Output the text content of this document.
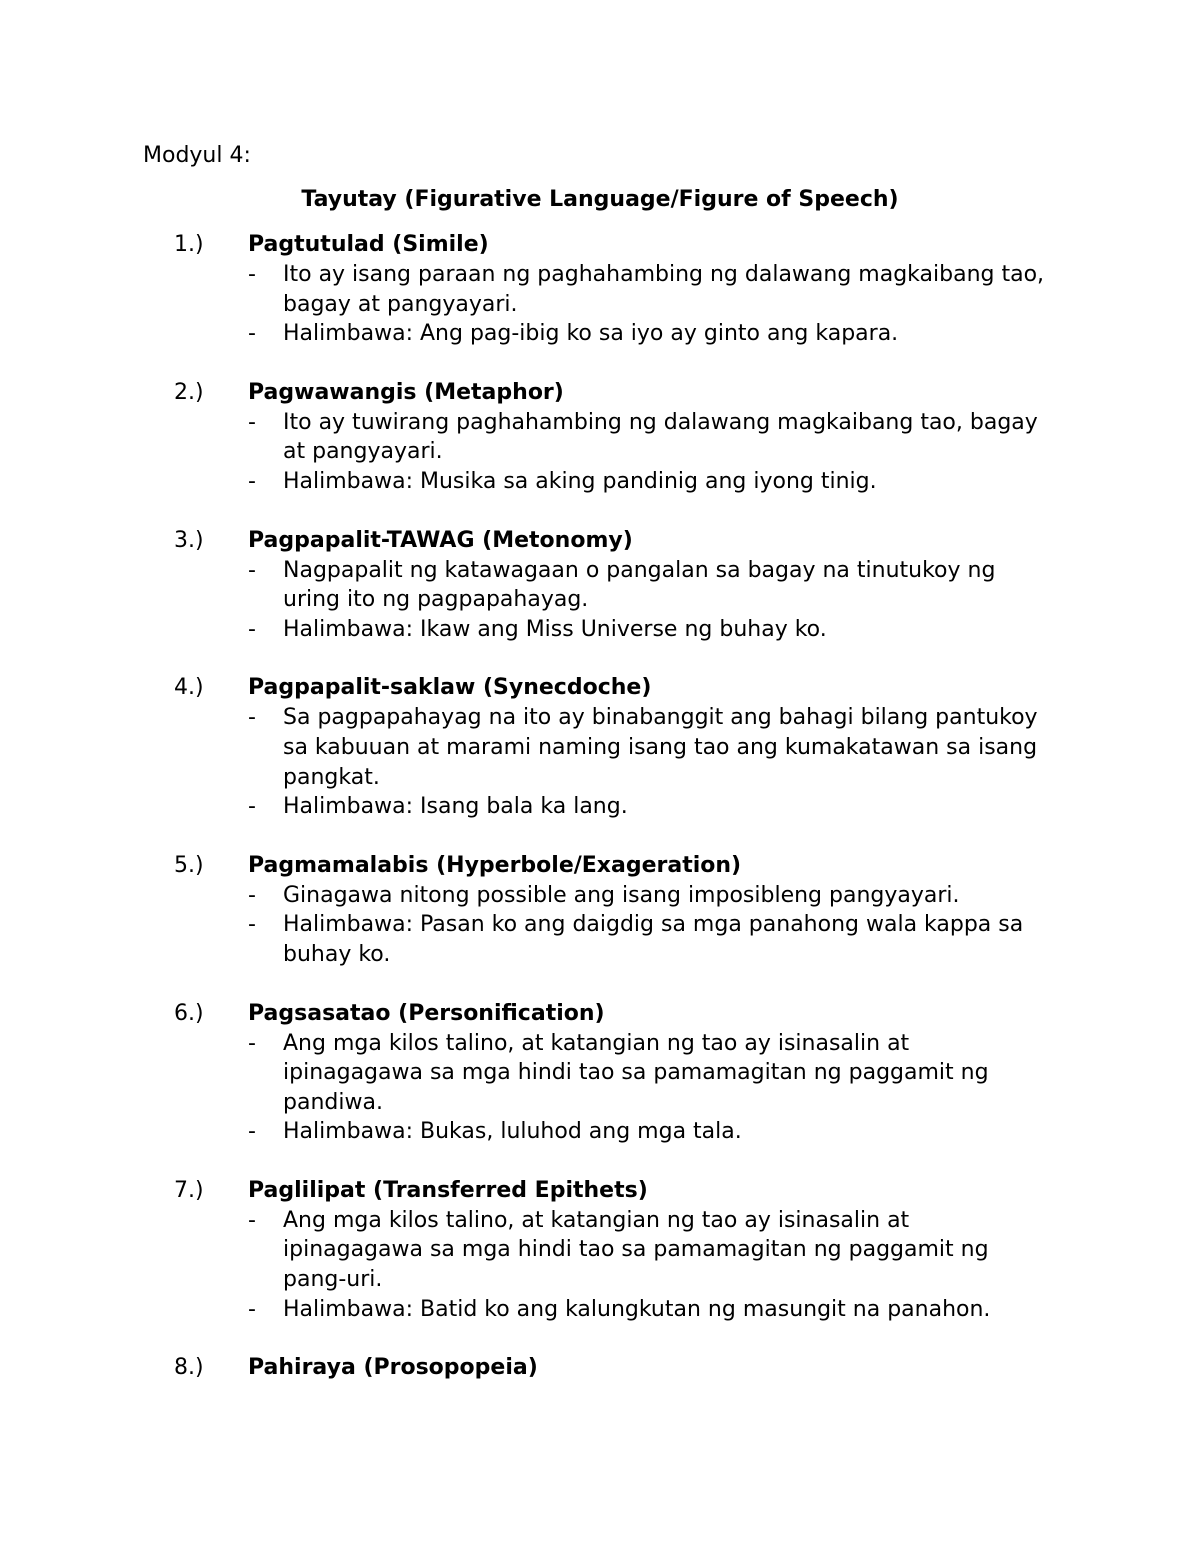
Modyul 4:
Tayutay (Figurative Language/Figure of Speech)
1.) Pagtutulad (Simile)
- Ito ay isang paraan ng paghahambing ng dalawang magkaibang tao, bagay at pangyayari.
- Halimbawa: Ang pag-ibig ko sa iyo ay ginto ang kapara.
2.) Pagwawangis (Metaphor)
- Ito ay tuwirang paghahambing ng dalawang magkaibang tao, bagay at pangyayari.
- Halimbawa: Musika sa aking pandinig ang iyong tinig.
3.) Pagpapalit-TAWAG (Metonomy)
- Nagpapalit ng katawagaan o pangalan sa bagay na tinutukoy ng uring ito ng pagpapahayag.
- Halimbawa: Ikaw ang Miss Universe ng buhay ko.
4.) Pagpapalit-saklaw (Synecdoche)
- Sa pagpapahayag na ito ay binabanggit ang bahagi bilang pantukoy sa kabuuan at marami naming isang tao ang kumakatawan sa isang pangkat.
- Halimbawa: Isang bala ka lang.
5.) Pagmamalabis (Hyperbole/Exageration)
- Ginagawa nitong possible ang isang imposibleng pangyayari.
- Halimbawa: Pasan ko ang daigdig sa mga panahong wala kappa sa buhay ko.
6.) Pagsasatao (Personification)
- Ang mga kilos talino, at katangian ng tao ay isinasalin at ipinagagawa sa mga hindi tao sa pamamagitan ng paggamit ng pandiwa.
- Halimbawa: Bukas, luluhod ang mga tala.
7.) Paglilipat (Transferred Epithets)
- Ang mga kilos talino, at katangian ng tao ay isinasalin at ipinagagawa sa mga hindi tao sa pamamagitan ng paggamit ng pang-uri.
- Halimbawa: Batid ko ang kalungkutan ng masungit na panahon.
8.) Pahiraya (Prosopopeia)
